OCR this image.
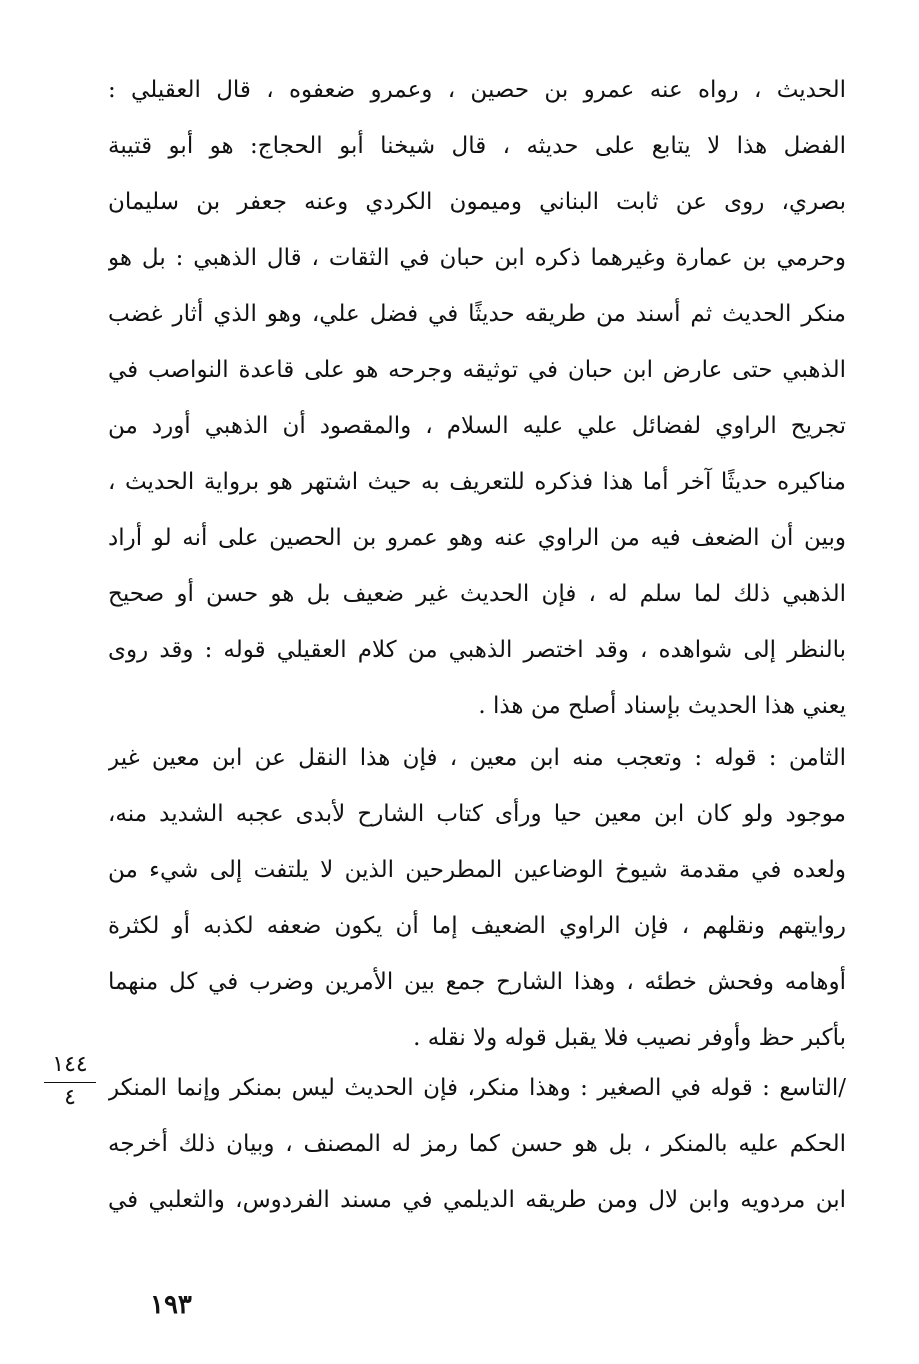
الحديث ، رواه عنه عمرو بن حصين ، وعمرو ضعفوه ، قال العقيلي :
الفضل هذا لا يتابع على حديثه ، قال شيخنا أبو الحجاج: هو أبو قتيبة
بصري، روى عن ثابت البناني وميمون الكردي وعنه جعفر بن سليمان
وحرمي بن عمارة وغيرهما ذكره ابن حبان في الثقات ، قال الذهبي : بل هو
منكر الحديث ثم أسند من طريقه حديثًا في فضل علي، وهو الذي أثار غضب
الذهبي حتى عارض ابن حبان في توثيقه وجرحه هو على قاعدة النواصب في
تجريح الراوي لفضائل علي عليه السلام ، والمقصود أن الذهبي أورد من
مناكيره حديثًا آخر أما هذا فذكره للتعريف به حيث اشتهر هو برواية الحديث ،
وبين أن الضعف فيه من الراوي عنه وهو عمرو بن الحصين على أنه لو أراد
الذهبي ذلك لما سلم له ، فإن الحديث غير ضعيف بل هو حسن أو صحيح
بالنظر إلى شواهده ، وقد اختصر الذهبي من كلام العقيلي قوله : وقد روى
يعني هذا الحديث بإسناد أصلح من هذا .
الثامن : قوله : وتعجب منه ابن معين ، فإن هذا النقل عن ابن معين غير
موجود ولو كان ابن معين حيا ورأى كتاب الشارح لأبدى عجبه الشديد منه،
ولعده في مقدمة شيوخ الوضاعين المطرحين الذين لا يلتفت إلى شيء من
روايتهم ونقلهم ، فإن الراوي الضعيف إما أن يكون ضعفه لكذبه أو لكثرة
أوهامه وفحش خطئه ، وهذا الشارح جمع بين الأمرين وضرب في كل منهما
بأكبر حظ وأوفر نصيب فلا يقبل قوله ولا نقله .
/التاسع : قوله في الصغير : وهذا منكر، فإن الحديث ليس بمنكر وإنما المنكر
الحكم عليه بالمنكر ، بل هو حسن كما رمز له المصنف ، وبيان ذلك أخرجه
ابن مردويه وابن لال ومن طريقه الديلمي في مسند الفردوس، والثعلبي في
١٤٤
٤
١٩٣
